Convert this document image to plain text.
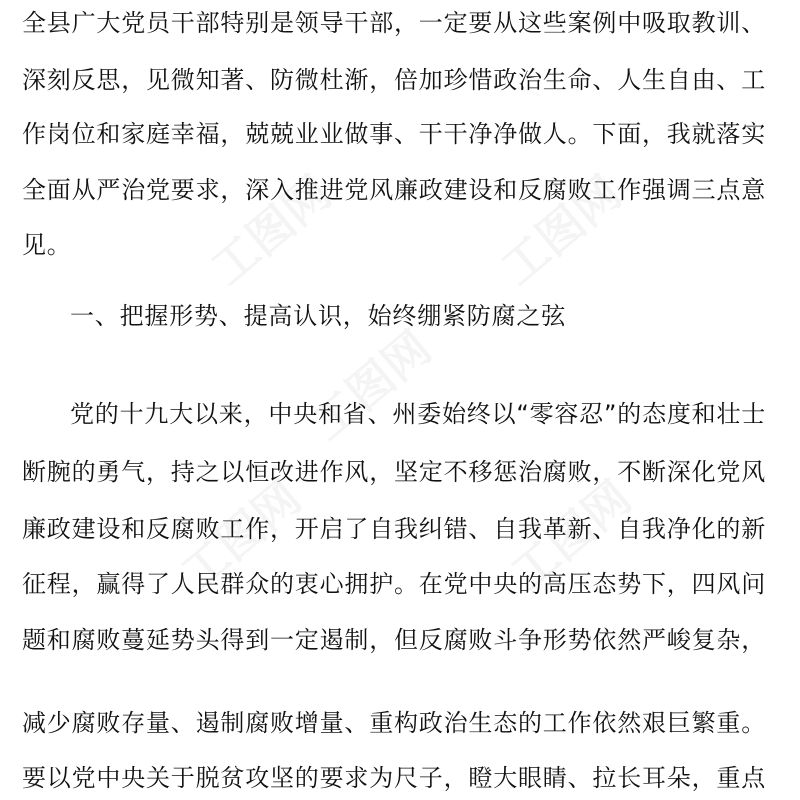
工图网	工图网
工图网
工图网	工图网
全县广大党员干部特别是领导干部，一定要从这些案例中吸取教训、
深刻反思，见微知著、防微杜渐，倍加珍惜政治生命、人生自由、工
作岗位和家庭幸福，兢兢业业做事、干干净净做人。下面，我就落实
全面从严治党要求，深入推进党风廉政建设和反腐败工作强调三点意
见。
一、把握形势、提高认识，始终绷紧防腐之弦
党的十九大以来，中央和省、州委始终以“零容忍”的态度和壮士
断腕的勇气，持之以恒改进作风，坚定不移惩治腐败，不断深化党风
廉政建设和反腐败工作，开启了自我纠错、自我革新、自我净化的新
征程，赢得了人民群众的衷心拥护。在党中央的高压态势下，四风问
题和腐败蔓延势头得到一定遏制，但反腐败斗争形势依然严峻复杂，
减少腐败存量、遏制腐败增量、重构政治生态的工作依然艰巨繁重。
要以党中央关于脱贫攻坚的要求为尺子，瞪大眼睛、拉长耳朵，重点
